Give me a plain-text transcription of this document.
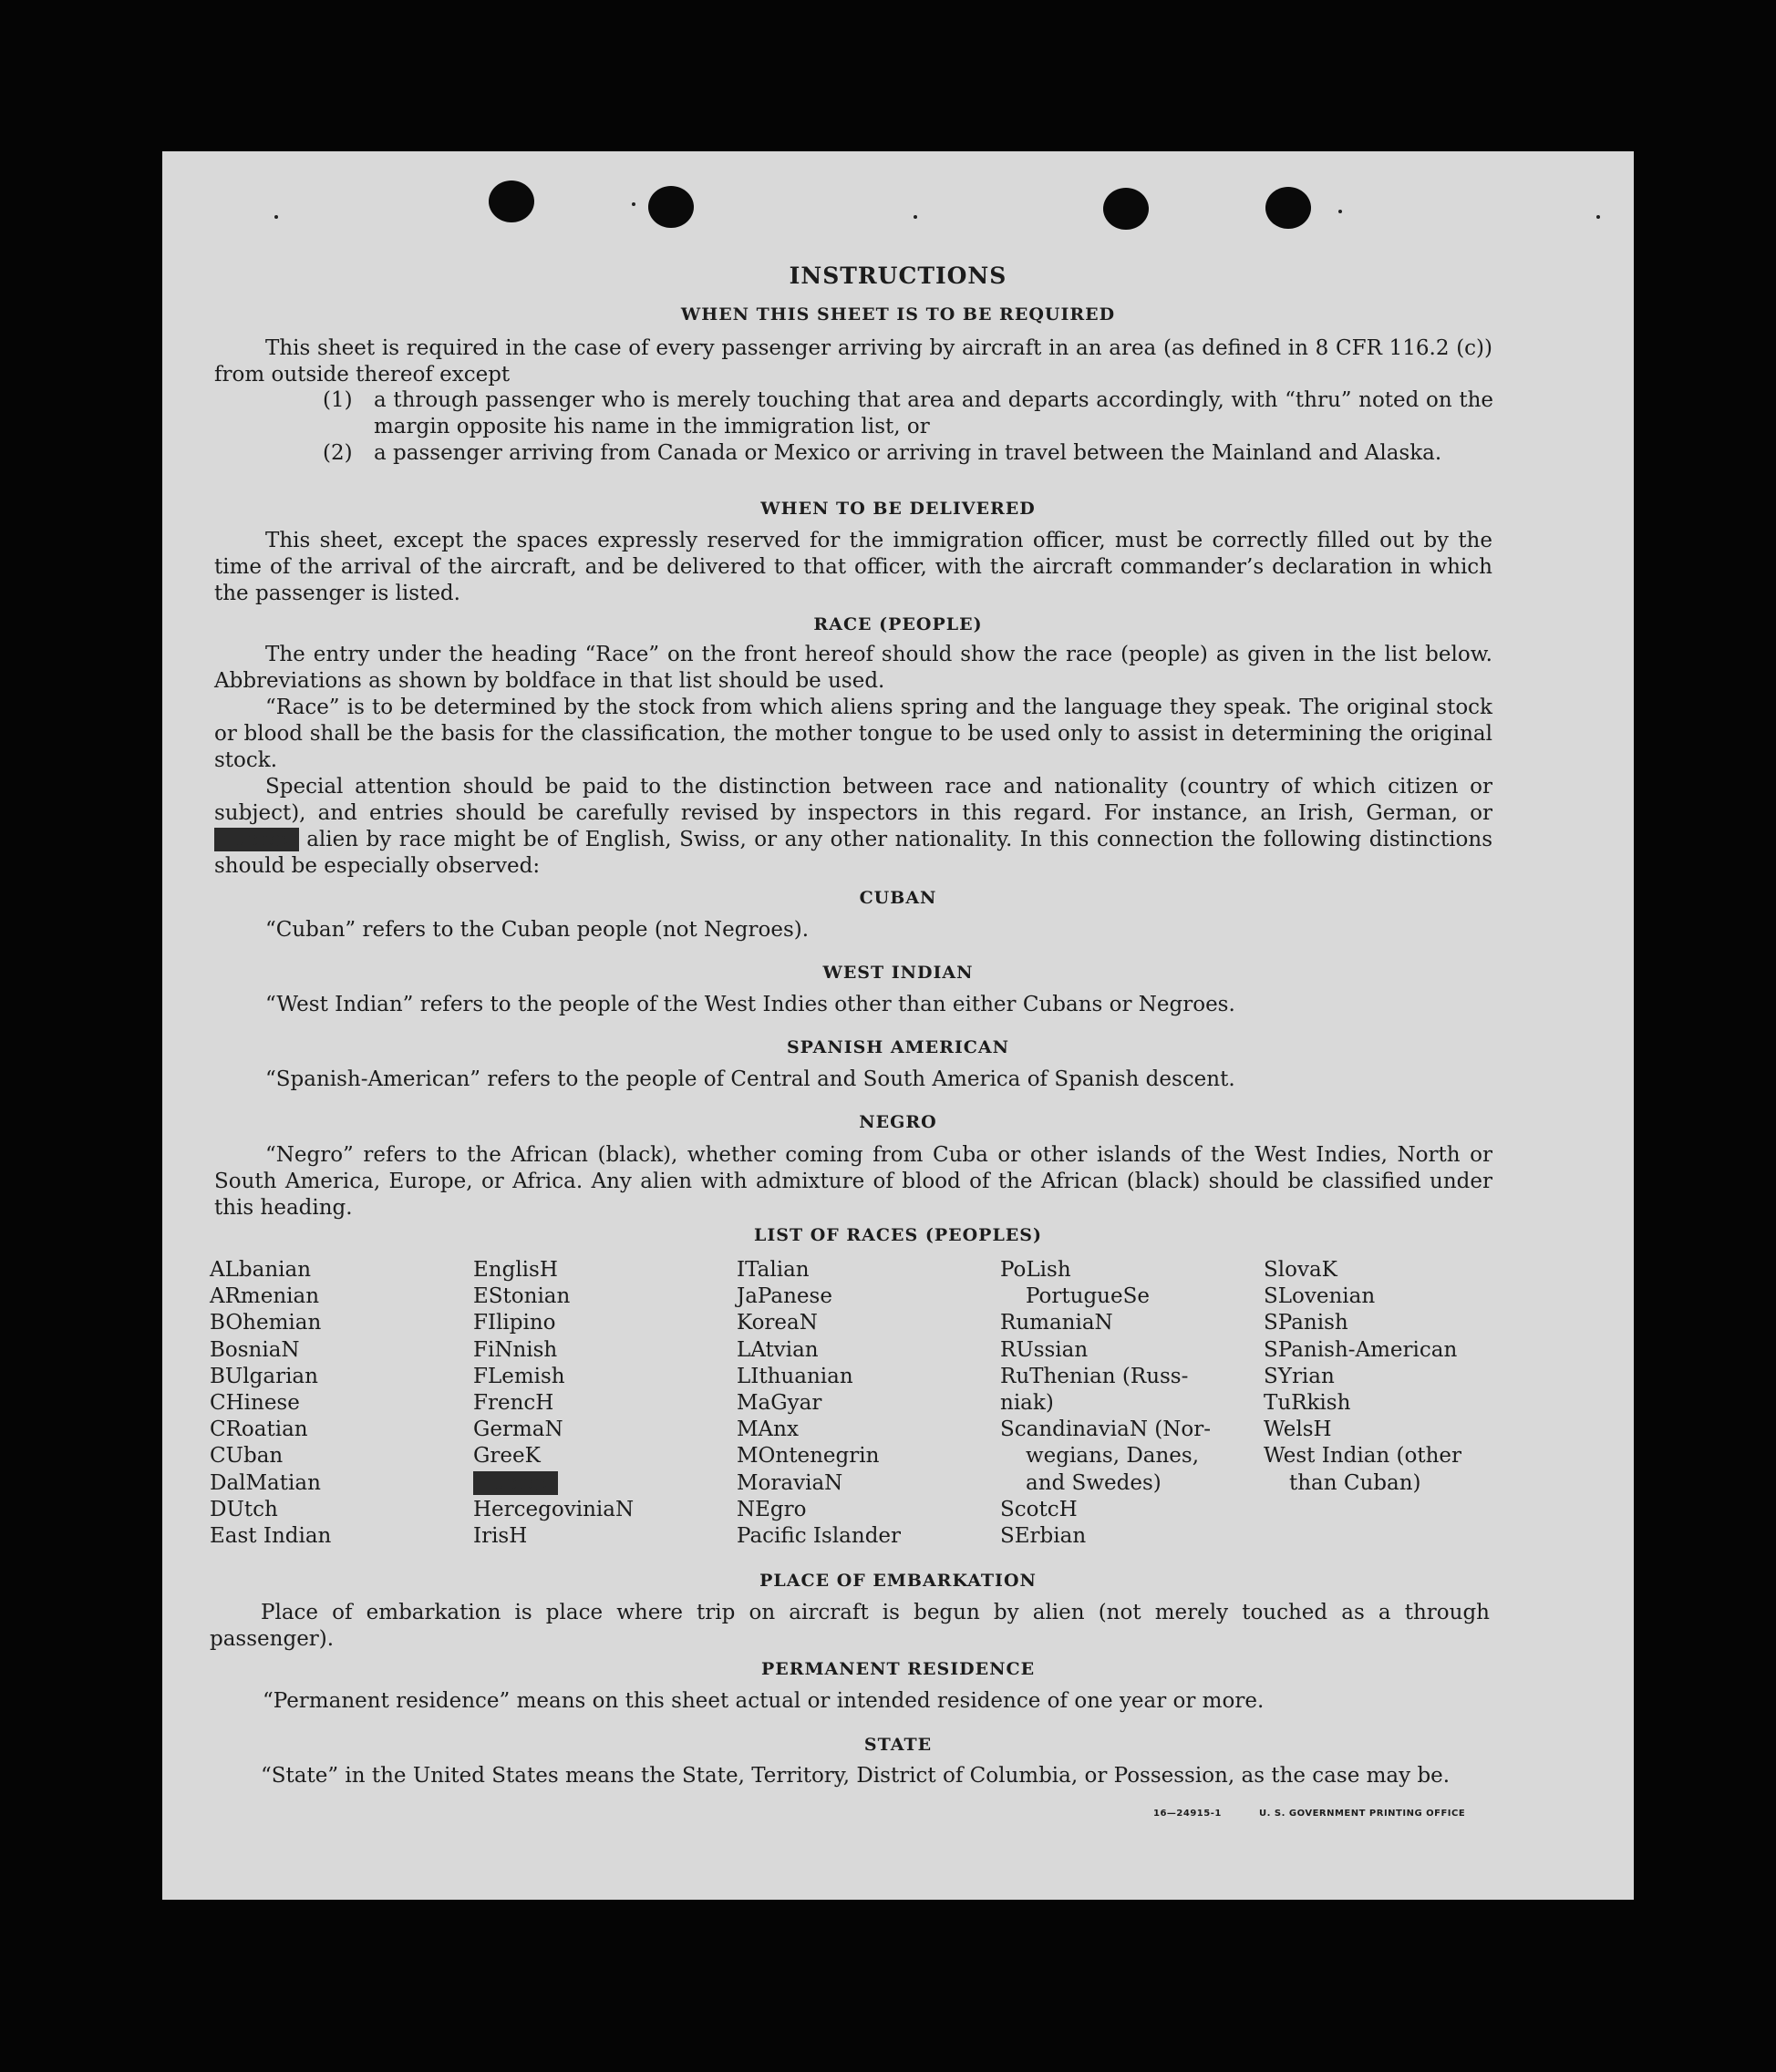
INSTRUCTIONS
WHEN THIS SHEET IS TO BE REQUIRED
This sheet is required in the case of every passenger arriving by aircraft in an area (as defined in 8 CFR 116.2 (c)) from outside thereof except
(1)	a through passenger who is merely touching that area and departs accordingly, with “thru” noted on the margin opposite his name in the immigration list, or
(2)	a passenger arriving from Canada or Mexico or arriving in travel between the Mainland and Alaska.
WHEN TO BE DELIVERED
This sheet, except the spaces expressly reserved for the immigration officer, must be correctly filled out by the time of the arrival of the aircraft, and be delivered to that officer, with the aircraft commander’s declaration in which the passenger is listed.
RACE (PEOPLE)
The entry under the heading “Race” on the front hereof should show the race (people) as given in the list below. Abbreviations as shown by boldface in that list should be used.
“Race” is to be determined by the stock from which aliens spring and the language they speak. The original stock or blood shall be the basis for the classification, the mother tongue to be used only to assist in determining the original stock.
Special attention should be paid to the distinction between race and nationality (country of which citizen or subject), and entries should be carefully revised by inspectors in this regard. For instance, an Irish, German, or Hebrew alien by race might be of English, Swiss, or any other nationality. In this connection the following distinctions should be especially observed:
CUBAN
“Cuban” refers to the Cuban people (not Negroes).
WEST INDIAN
“West Indian” refers to the people of the West Indies other than either Cubans or Negroes.
SPANISH AMERICAN
“Spanish-American” refers to the people of Central and South America of Spanish descent.
NEGRO
“Negro” refers to the African (black), whether coming from Cuba or other islands of the West Indies, North or South America, Europe, or Africa. Any alien with admixture of blood of the African (black) should be classified under this heading.
LIST OF RACES (PEOPLES)
ALbanian
ARmenian
BOhemian
BosniaN
BUlgarian
CHinese
CRoatian
CUban
DalMatian
DUtch
East Indian
EnglisH
EStonian
FIlipino
FiNnish
FLemish
FrencH
GermaN
GreeK
Hebrew
HercegoviniaN
IrisH
ITalian
JaPanese
KoreaN
LAtvian
LIthuanian
MaGyar
MAnx
MOntenegrin
MoraviaN
NEgro
Pacific Islander
PoLish
PortugueSe
RumaniaN
RUssian
RuThenian (Russ-
niak)
ScandinaviaN (Nor-
wegians, Danes,
and Swedes)
ScotcH
SErbian
SlovaK
SLovenian
SPanish
SPanish-American
SYrian
TuRkish
WelsH
West Indian (other
than Cuban)
PLACE OF EMBARKATION
Place of embarkation is place where trip on aircraft is begun by alien (not merely touched as a through passenger).
PERMANENT RESIDENCE
“Permanent residence” means on this sheet actual or intended residence of one year or more.
STATE
“State” in the United States means the State, Territory, District of Columbia, or Possession, as the case may be.
16—24915-1	U. S. GOVERNMENT PRINTING OFFICE
